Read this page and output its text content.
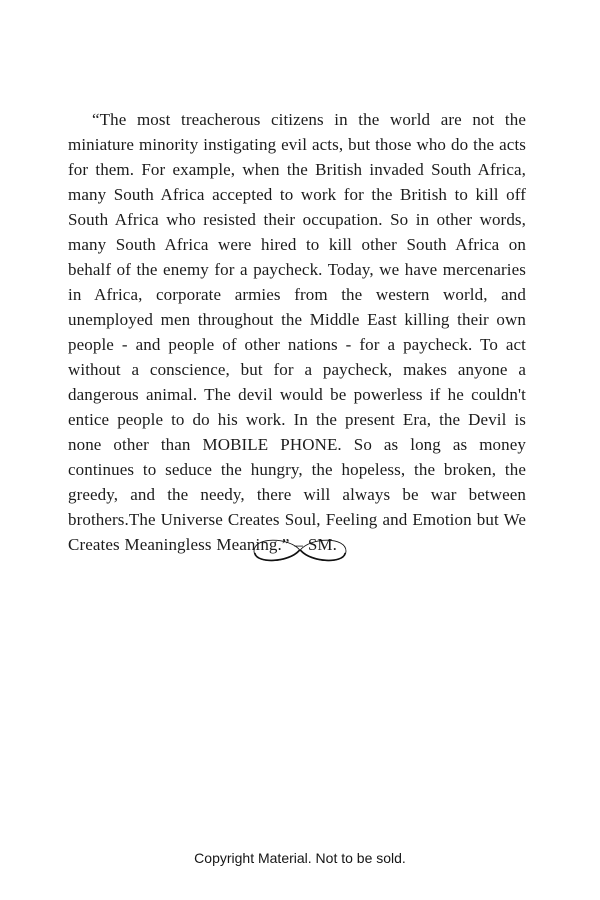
“The most treacherous citizens in the world are not the miniature minority instigating evil acts, but those who do the acts for them. For example, when the British invaded South Africa, many South Africa accepted to work for the British to kill off South Africa who resisted their occupation. So in other words, many South Africa were hired to kill other South Africa on behalf of the enemy for a paycheck. Today, we have mercenaries in Africa, corporate armies from the western world, and unemployed men throughout the Middle East killing their own people - and people of other nations - for a paycheck. To act without a conscience, but for a paycheck, makes anyone a dangerous animal. The devil would be powerless if he couldn't entice people to do his work. In the present Era, the Devil is none other than MOBILE PHONE. So as long as money continues to seduce the hungry, the hopeless, the broken, the greedy, and the needy, there will always be war between brothers.The Universe Creates Soul, Feeling and Emotion but We Creates Meaningless Meaning.” – SM.

Copyright Material. Not to be sold.
